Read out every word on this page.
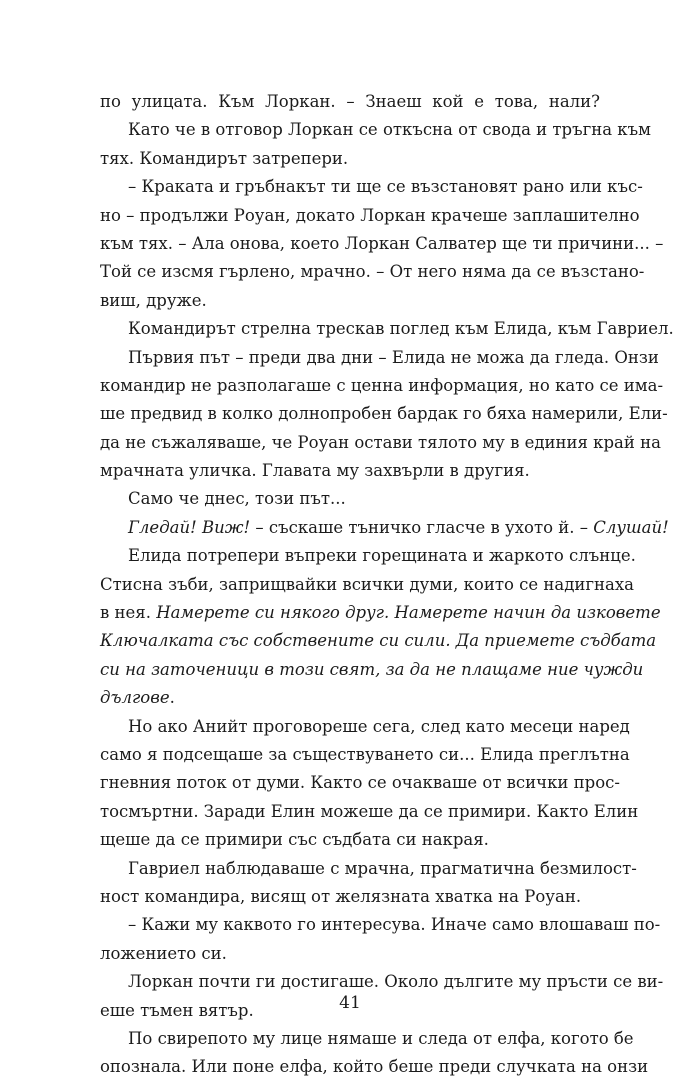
по улицата. Към Лоркан. – Знаеш кой е това, нали?
Като че в отговор Лоркан се откъсна от свода и тръгна към
тях. Командирът затрепери.
– Краката и гръбнакът ти ще се възстановят рано или къс-
но – продължи Роуан, докато Лоркан крачеше заплашително
към тях. – Ала онова, което Лоркан Салватер ще ти причини... –
Той се изсмя гърлено, мрачно. – От него няма да се възстано-
виш, друже.
Командирът стрелна трескав поглед към Елида, към Гавриел.
Първия път – преди два дни – Елида не можа да гледа. Онзи
командир не разполагаше с ценна информация, но като се има-
ше предвид в колко долнопробен бардак го бяха намерили, Ели-
да не съжаляваше, че Роуан остави тялото му в единия край на
мрачната уличка. Главата му захвърли в другия.
Само че днес, този път...
Гледай! Виж! – съскаше тъничко гласче в ухото й. – Слушай!
Елида потрепери въпреки горещината и жаркото слънце.
Стисна зъби, заприщвайки всички думи, които се надигнаха
в нея. Намерете си някого друг. Намерете начин да изковете
Ключалката със собствените си сили. Да приемете съдбата
си на заточеници в този свят, за да не плащаме ние чужди
дългове.
Но ако Анийт проговореше сега, след като месеци наред
само я подсещаше за съществуването си... Елида преглътна
гневния поток от думи. Както се очакваше от всички прос-
тосмъртни. Заради Елин можеше да се примири. Както Елин
щеше да се примири със съдбата си накрая.
Гавриел наблюдаваше с мрачна, прагматична безмилост-
ност командира, висящ от желязната хватка на Роуан.
– Кажи му каквото го интересува. Иначе само влошаваш по-
ложението си.
Лоркан почти ги достигаше. Около дългите му пръсти се ви-
еше тъмен вятър.
По свирепото му лице нямаше и следа от елфа, когото бе
опознала. Или поне елфа, който беше преди случката на онзи
41
